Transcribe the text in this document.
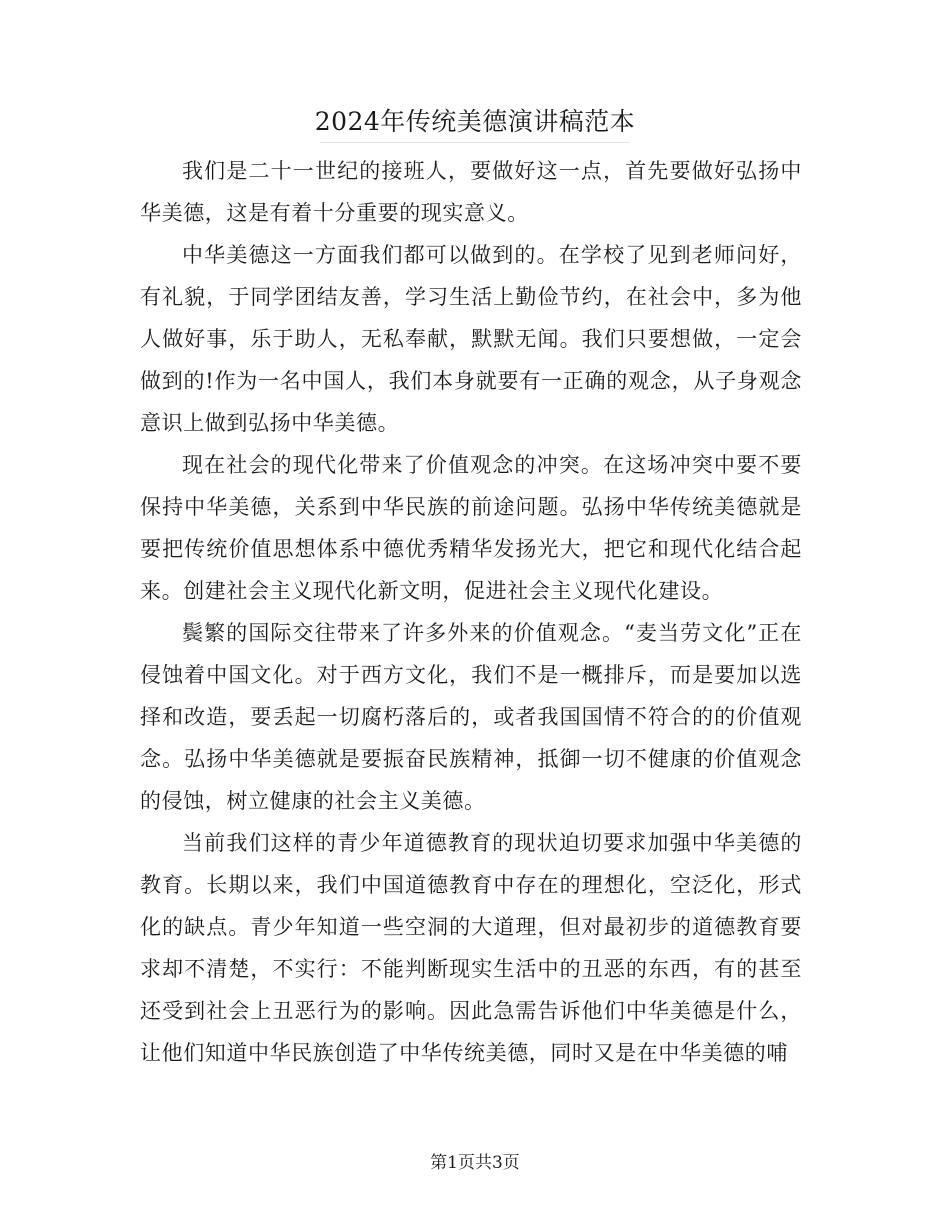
2024年传统美德演讲稿范本

我们是二十一世纪的接班人，要做好这一点，首先要做好弘扬中华美德，这是有着十分重要的现实意义。

中华美德这一方面我们都可以做到的。在学校了见到老师问好，有礼貌，于同学团结友善，学习生活上勤俭节约，在社会中，多为他人做好事，乐于助人，无私奉献，默默无闻。我们只要想做，一定会做到的!作为一名中国人，我们本身就要有一正确的观念，从子身观念意识上做到弘扬中华美德。

现在社会的现代化带来了价值观念的冲突。在这场冲突中要不要保持中华美德，关系到中华民族的前途问题。弘扬中华传统美德就是要把传统价值思想体系中德优秀精华发扬光大，把它和现代化结合起来。创建社会主义现代化新文明，促进社会主义现代化建设。

鬓繁的国际交往带来了许多外来的价值观念。“麦当劳文化”正在侵蚀着中国文化。对于西方文化，我们不是一概排斥，而是要加以选择和改造，要丢起一切腐朽落后的，或者我国国情不符合的的价值观念。弘扬中华美德就是要振奋民族精神，抵御一切不健康的价值观念的侵蚀，树立健康的社会主义美德。

当前我们这样的青少年道德教育的现状迫切要求加强中华美德的教育。长期以来，我们中国道德教育中存在的理想化，空泛化，形式化的缺点。青少年知道一些空洞的大道理，但对最初步的道德教育要求却不清楚，不实行：不能判断现实生活中的丑恶的东西，有的甚至还受到社会上丑恶行为的影响。因此急需告诉他们中华美德是什么，让他们知道中华民族创造了中华传统美德，同时又是在中华美德的哺

第1页共3页
